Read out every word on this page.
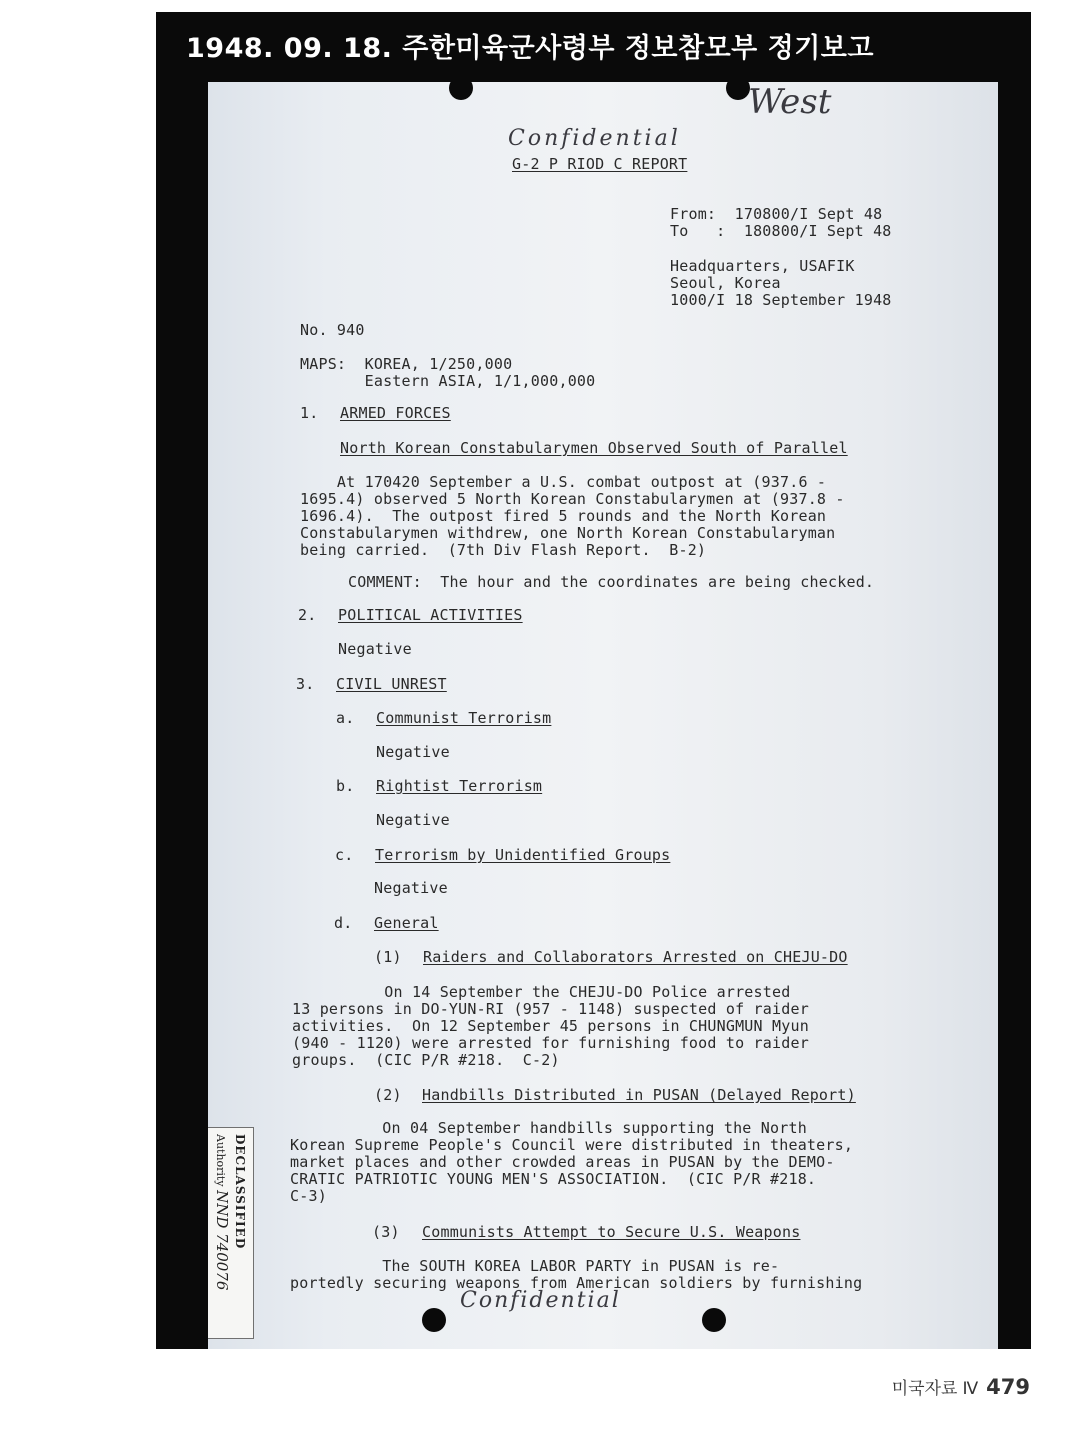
1948. 09. 18. 주한미육군사령부 정보참모부 정기보고
Confidential
West
G-2 P RIOD C REPORT
From:  170800/I Sept 48
To   :  180800/I Sept 48
Headquarters, USAFIK
Seoul, Korea
1000/I 18 September 1948
No. 940
MAPS:  KOREA, 1/250,000
Eastern ASIA, 1/1,000,000
1. ARMED FORCES
North Korean Constabularymen Observed South of Parallel
At 170420 September a U.S. combat outpost at (937.6 -
1695.4) observed 5 North Korean Constabularymen at (937.8 -
1696.4).  The outpost fired 5 rounds and the North Korean
Constabularymen withdrew, one North Korean Constabularyman
being carried.  (7th Div Flash Report.  B-2)
COMMENT:  The hour and the coordinates are being checked.
2. POLITICAL ACTIVITIES
Negative
3. CIVIL UNREST
a. Communist Terrorism
Negative
b. Rightist Terrorism
Negative
c. Terrorism by Unidentified Groups
Negative
d. General
(1) Raiders and Collaborators Arrested on CHEJU-DO
On 14 September the CHEJU-DO Police arrested
13 persons in DO-YUN-RI (957 - 1148) suspected of raider
activities.  On 12 September 45 persons in CHUNGMUN Myun
(940 - 1120) were arrested for furnishing food to raider
groups.  (CIC P/R #218.  C-2)
(2) Handbills Distributed in PUSAN (Delayed Report)
On 04 September handbills supporting the North
Korean Supreme People's Council were distributed in theaters,
market places and other crowded areas in PUSAN by the DEMO-
CRATIC PATRIOTIC YOUNG MEN'S ASSOCIATION.  (CIC P/R #218.
C-3)
(3) Communists Attempt to Secure U.S. Weapons
The SOUTH KOREA LABOR PARTY in PUSAN is re-
portedly securing weapons from American soldiers by furnishing
Confidential
DECLASSIFIED
Authority NND 740076
미국자료 Ⅳ 479
